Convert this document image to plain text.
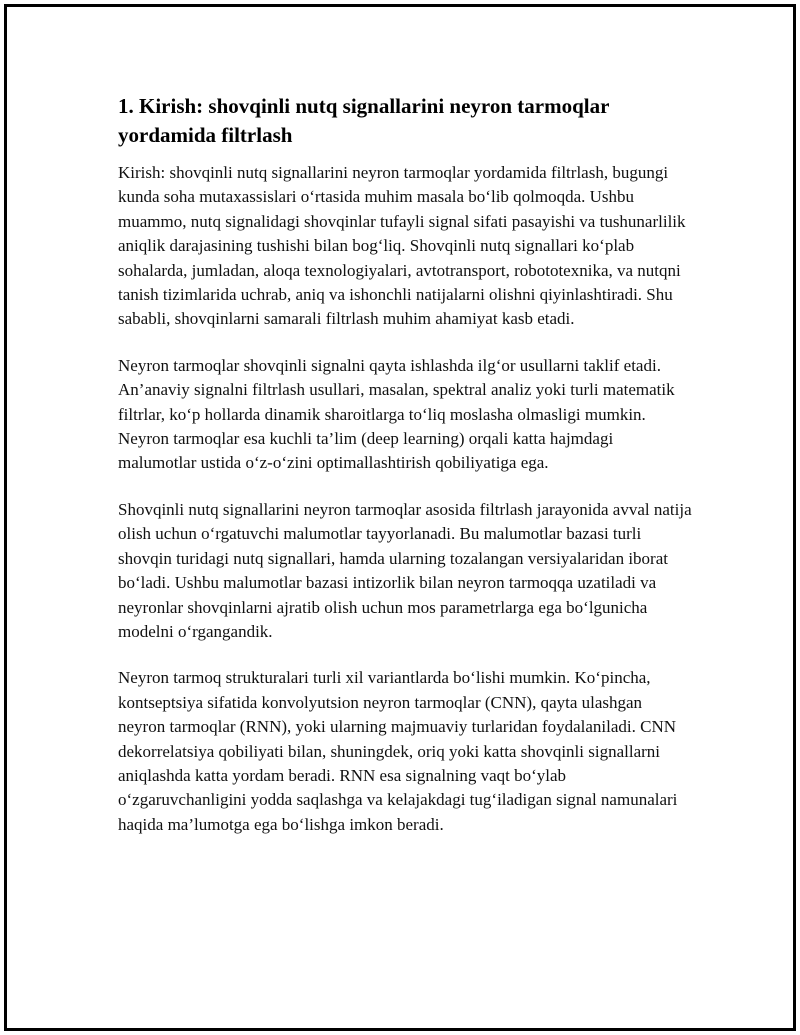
1. Kirish: shovqinli nutq signallarini neyron tarmoqlar yordamida filtrlash

Kirish: shovqinli nutq signallarini neyron tarmoqlar yordamida filtrlash, bugungi kunda soha mutaxassislari oʻrtasida muhim masala boʻlib qolmoqda. Ushbu muammo, nutq signalidagi shovqinlar tufayli signal sifati pasayishi va tushunarlilik aniqlik darajasining tushishi bilan bogʻliq. Shovqinli nutq signallari koʻplab sohalarda, jumladan, aloqa texnologiyalari, avtotransport, robototexnika, va nutqni tanish tizimlarida uchrab, aniq va ishonchli natijalarni olishni qiyinlashtiradi. Shu sababli, shovqinlarni samarali filtrlash muhim ahamiyat kasb etadi.

Neyron tarmoqlar shovqinli signalni qayta ishlashda ilgʻor usullarni taklif etadi. An’anaviy signalni filtrlash usullari, masalan, spektral analiz yoki turli matematik filtrlar, koʻp hollarda dinamik sharoitlarga toʻliq moslasha olmasligi mumkin. Neyron tarmoqlar esa kuchli ta’lim (deep learning) orqali katta hajmdagi malumotlar ustida oʻz-oʻzini optimallashtirish qobiliyatiga ega.

Shovqinli nutq signallarini neyron tarmoqlar asosida filtrlash jarayonida avval natija olish uchun oʻrgatuvchi malumotlar tayyorlanadi. Bu malumotlar bazasi turli shovqin turidagi nutq signallari, hamda ularning tozalangan versiyalaridan iborat boʻladi. Ushbu malumotlar bazasi intizorlik bilan neyron tarmoqqa uzatiladi va neyronlar shovqinlarni ajratib olish uchun mos parametrlarga ega boʻlgunicha modelni oʻrgangandik.

Neyron tarmoq strukturalari turli xil variantlarda boʻlishi mumkin. Koʻpincha, kontseptsiya sifatida konvolyutsion neyron tarmoqlar (CNN), qayta ulashgan neyron tarmoqlar (RNN), yoki ularning majmuaviy turlaridan foydalaniladi. CNN dekorrelatsiya qobiliyati bilan, shuningdek, oriq yoki katta shovqinli signallarni aniqlashda katta yordam beradi. RNN esa signalning vaqt boʻylab oʻzgaruvchanligini yodda saqlashga va kelajakdagi tugʻiladigan signal namunalari haqida ma’lumotga ega boʻlishga imkon beradi.
